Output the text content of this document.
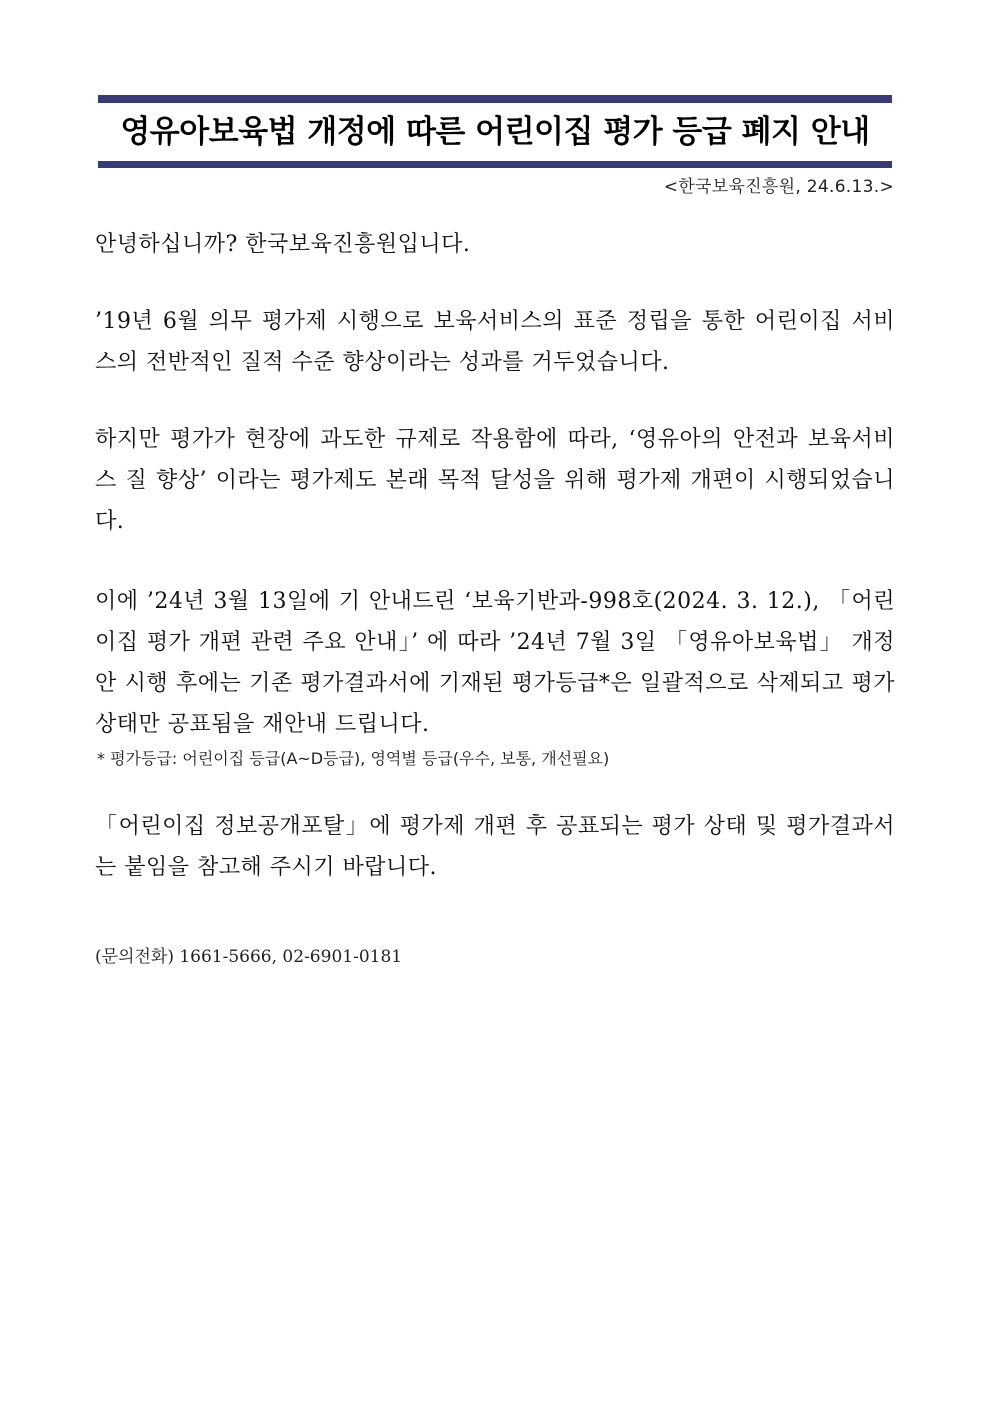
영유아보육법 개정에 따른 어린이집 평가 등급 폐지 안내
<한국보육진흥원, 24.6.13.>

안녕하십니까? 한국보육진흥원입니다.

’19년 6월 의무 평가제 시행으로 보육서비스의 표준 정립을 통한 어린이집 서비스의 전반적인 질적 수준 향상이라는 성과를 거두었습니다.

하지만 평가가 현장에 과도한 규제로 작용함에 따라, ‘영유아의 안전과 보육서비스 질 향상’ 이라는 평가제도 본래 목적 달성을 위해 평가제 개편이 시행되었습니다.

이에 ’24년 3월 13일에 기 안내드린 ‘보육기반과-998호(2024. 3. 12.), 「어린이집 평가 개편 관련 주요 안내」’ 에 따라 ’24년 7월 3일 「영유아보육법」 개정안 시행 후에는 기존 평가결과서에 기재된 평가등급*은 일괄적으로 삭제되고 평가 상태만 공표됨을 재안내 드립니다.

* 평가등급: 어린이집 등급(A~D등급), 영역별 등급(우수, 보통, 개선필요)

「어린이집 정보공개포탈」에 평가제 개편 후 공표되는 평가 상태 및 평가결과서는 붙임을 참고해 주시기 바랍니다.

(문의전화) 1661-5666, 02-6901-0181
